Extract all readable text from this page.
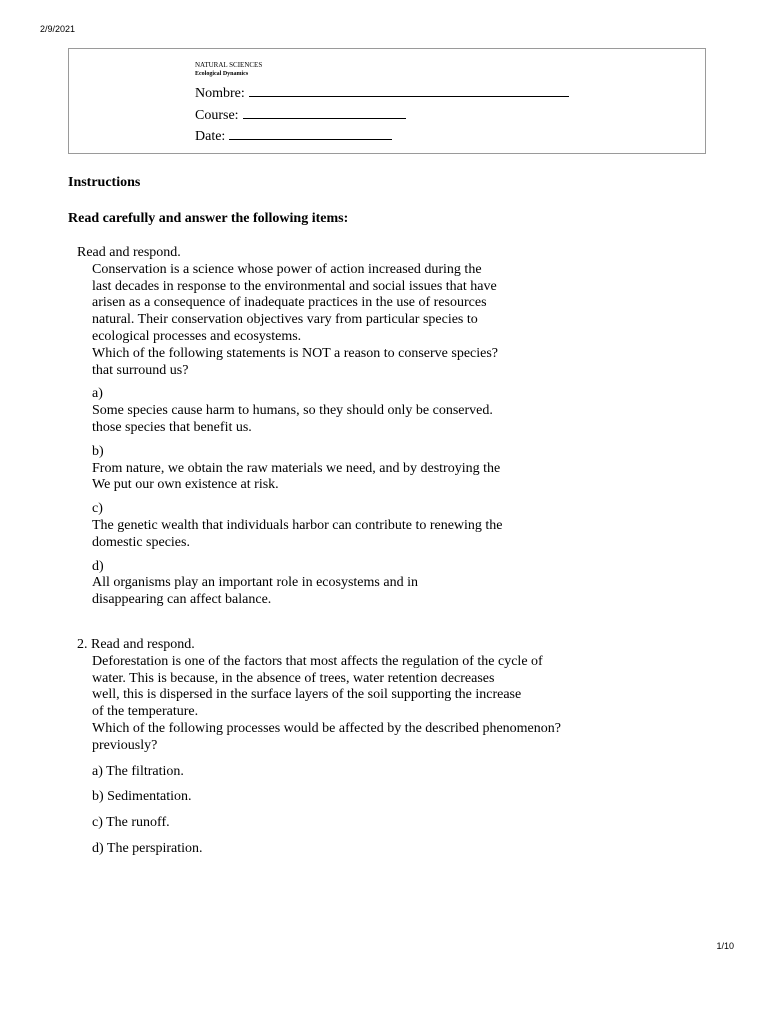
2/9/2021
NATURAL SCIENCES
Ecological Dynamics
Nombre:
Course:
Date:
Instructions
Read carefully and answer the following items:
Read and respond.

Conservation is a science whose power of action increased during the

last decades in response to the environmental and social issues that have

arisen as a consequence of inadequate practices in the use of resources

natural. Their conservation objectives vary from particular species to

ecological processes and ecosystems.

Which of the following statements is NOT a reason to conserve species?

that surround us?

a)
Some species cause harm to humans, so they should only be conserved.
those species that benefit us.
b)
From nature, we obtain the raw materials we need, and by destroying the
We put our own existence at risk.
c)
The genetic wealth that individuals harbor can contribute to renewing the
domestic species.
d)
All organisms play an important role in ecosystems and in
disappearing can affect balance.
2. Read and respond.

Deforestation is one of the factors that most affects the regulation of the cycle of

water. This is because, in the absence of trees, water retention decreases

well, this is dispersed in the surface layers of the soil supporting the increase

of the temperature.

Which of the following processes would be affected by the described phenomenon?

previously?

a) The filtration.
b) Sedimentation.
c) The runoff.
d) The perspiration.
1/10
